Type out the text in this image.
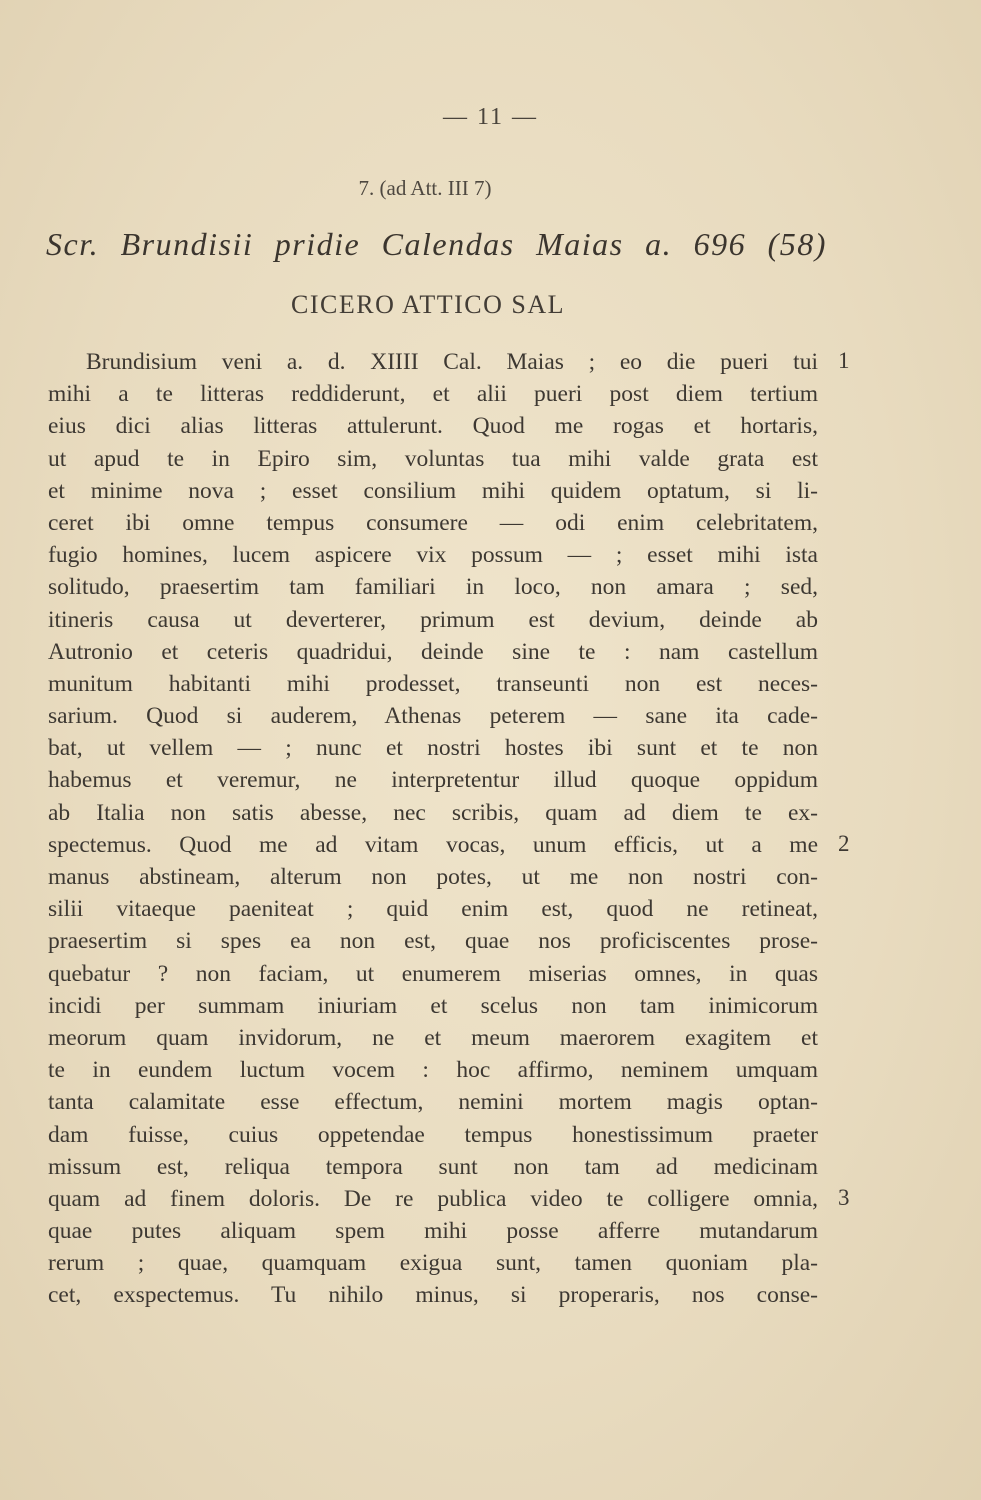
— 11 —
7. (ad Att. III 7)
Scr. Brundisii pridie Calendas Maias a. 696 (58)
CICERO ATTICO SAL
Brundisium veni a. d. XIIII Cal. Maias ; eo die pueri tui
mihi a te litteras reddiderunt, et alii pueri post diem tertium
eius dici alias litteras attulerunt. Quod me rogas et hortaris,
ut apud te in Epiro sim, voluntas tua mihi valde grata est
et minime nova ; esset consilium mihi quidem optatum, si li-
ceret ibi omne tempus consumere — odi enim celebritatem,
fugio homines, lucem aspicere vix possum — ; esset mihi ista
solitudo, praesertim tam familiari in loco, non amara ; sed,
itineris causa ut deverterer, primum est devium, deinde ab
Autronio et ceteris quadridui, deinde sine te : nam castellum
munitum habitanti mihi prodesset, transeunti non est neces-
sarium. Quod si auderem, Athenas peterem — sane ita cade-
bat, ut vellem — ; nunc et nostri hostes ibi sunt et te non
habemus et veremur, ne interpretentur illud quoque oppidum
ab Italia non satis abesse, nec scribis, quam ad diem te ex-
spectemus. Quod me ad vitam vocas, unum efficis, ut a me
manus abstineam, alterum non potes, ut me non nostri con-
silii vitaeque paeniteat ; quid enim est, quod ne retineat,
praesertim si spes ea non est, quae nos proficiscentes prose-
quebatur ? non faciam, ut enumerem miserias omnes, in quas
incidi per summam iniuriam et scelus non tam inimicorum
meorum quam invidorum, ne et meum maerorem exagitem et
te in eundem luctum vocem : hoc affirmo, neminem umquam
tanta calamitate esse effectum, nemini mortem magis optan-
dam fuisse, cuius oppetendae tempus honestissimum praeter
missum est, reliqua tempora sunt non tam ad medicinam
quam ad finem doloris. De re publica video te colligere omnia,
quae putes aliquam spem mihi posse afferre mutandarum
rerum ; quae, quamquam exigua sunt, tamen quoniam pla-
cet, exspectemus. Tu nihilo minus, si properaris, nos conse-
1
2
3
